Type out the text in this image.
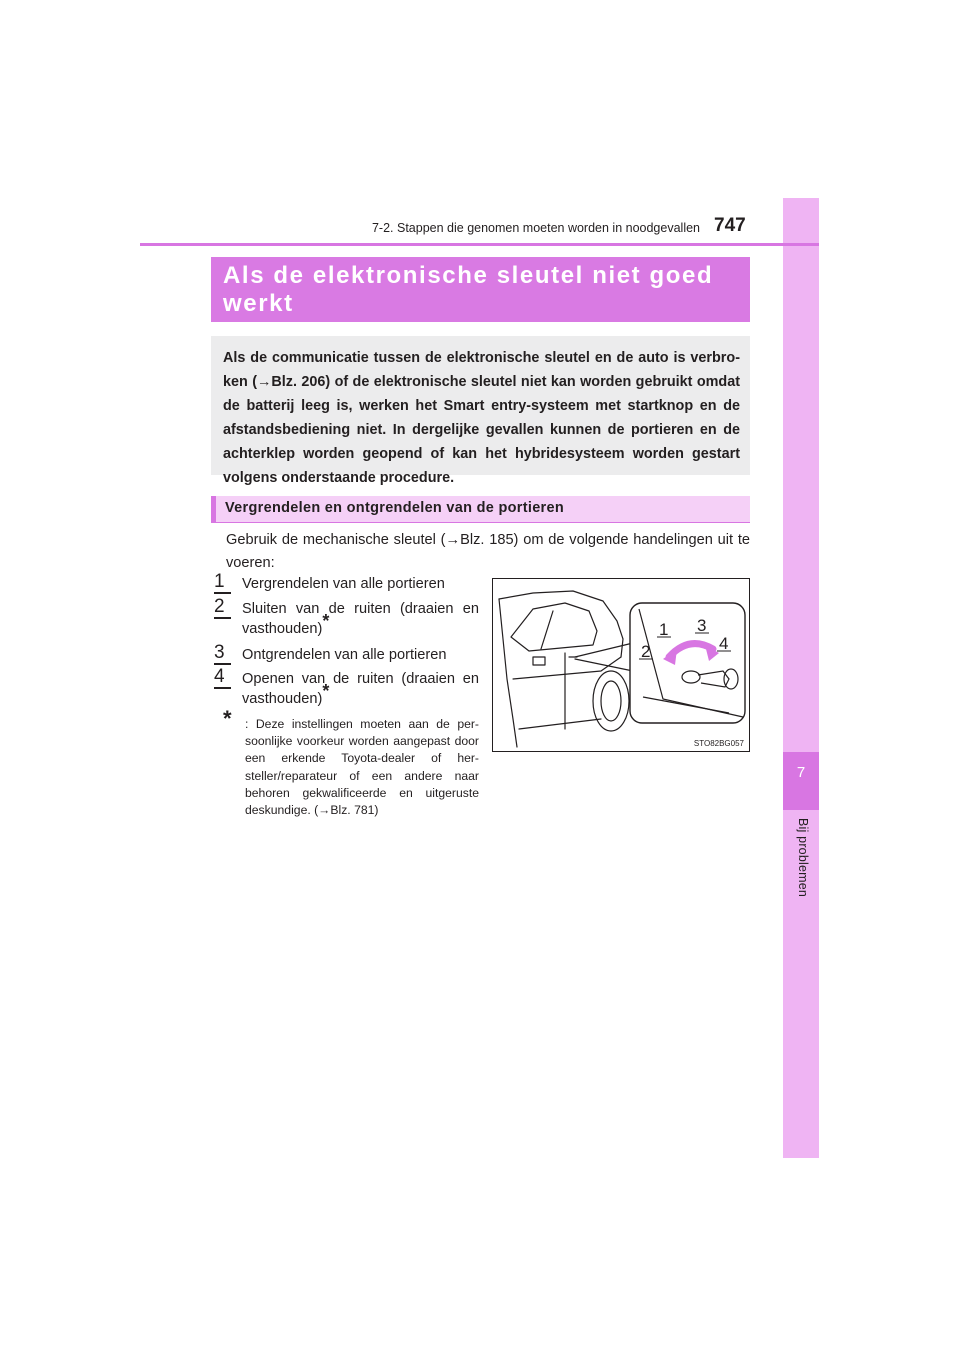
7
Bij problemen
7-2. Stappen die genomen moeten worden in noodgevallen 747
Als de elektronische sleutel niet goed werkt
Als de communicatie tussen de elektronische sleutel en de auto is verbro-ken (→Blz. 206) of de elektronische sleutel niet kan worden gebruikt omdat de batterij leeg is, werken het Smart entry-systeem met startknop en de afstandsbediening niet. In dergelijke gevallen kunnen de portieren en de achterklep worden geopend of kan het hybridesysteem worden gestart volgens onderstaande procedure.
Vergrendelen en ontgrendelen van de portieren
Gebruik de mechanische sleutel (→Blz. 185) om de volgende handelingen uit te voeren:
1 Vergrendelen van alle portieren
2 Sluiten van de ruiten (draaien en vasthouden)*
3 Ontgrendelen van alle portieren
4 Openen van de ruiten (draaien en vasthouden)*
*	: Deze instellingen moeten aan de per-soonlijke voorkeur worden aangepast door een erkende Toyota-dealer of her-steller/reparateur of een andere naar behoren gekwalificeerde en uitgeruste deskundige. (→Blz. 781)
1
2
3
4
STO82BG057
